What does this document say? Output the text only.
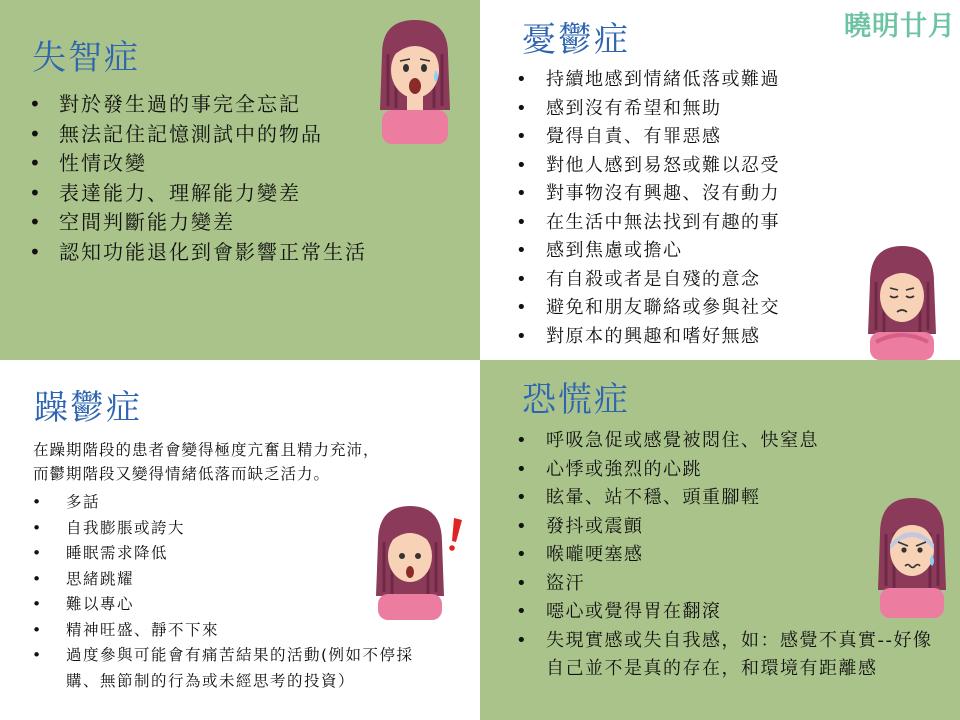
失智症
• 對於發生過的事完全忘記
• 無法記住記憶測試中的物品
• 性情改變
• 表達能力、理解能力變差
• 空間判斷能力變差
• 認知功能退化到會影響正常生活
憂鬱症	曉明廿月
• 持續地感到情緒低落或難過
• 感到沒有希望和無助
• 覺得自責、有罪惡感
• 對他人感到易怒或難以忍受
• 對事物沒有興趣、沒有動力
• 在生活中無法找到有趣的事
• 感到焦慮或擔心
• 有自殺或者是自殘的意念
• 避免和朋友聯絡或參與社交
• 對原本的興趣和嗜好無感
躁鬱症

在躁期階段的患者會變得極度亢奮且精力充沛，

而鬱期階段又變得情緒低落而缺乏活力。

• 多話
• 自我膨脹或誇大
• 睡眠需求降低
• 思緒跳耀
• 難以專心
• 精神旺盛、靜不下來
• 過度參與可能會有痛苦結果的活動(例如不停採購、無節制的行為或未經思考的投資）
恐慌症
• 呼吸急促或感覺被悶住、快窒息
• 心悸或強烈的心跳
• 眩暈、站不穩、頭重腳輕
• 發抖或震顫
• 喉嚨哽塞感
• 盜汗
• 噁心或覺得胃在翻滾
• 失現實感或失自我感，如：感覺不真實--好像自己並不是真的存在，和環境有距離感
